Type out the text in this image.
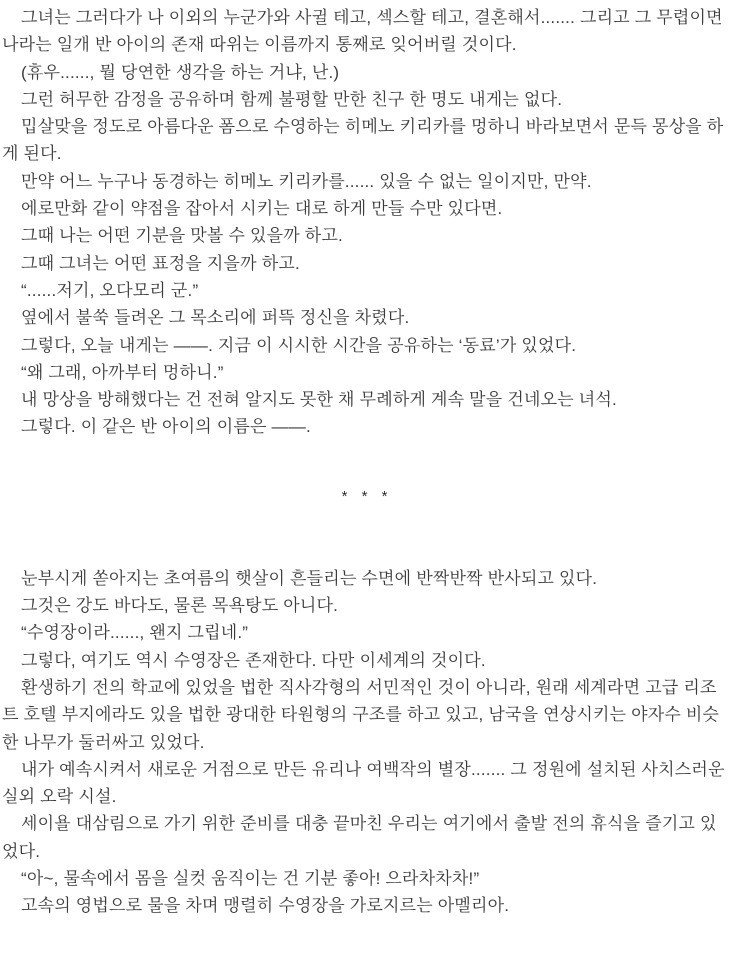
그녀는 그러다가 나 이외의 누군가와 사귈 테고, 섹스할 테고, 결혼해서....... 그리고 그 무렵이면 나라는 일개 반 아이의 존재 따위는 이름까지 통째로 잊어버릴 것이다.

(휴우......, 뭘 당연한 생각을 하는 거냐, 난.)

그런 허무한 감정을 공유하며 함께 불평할 만한 친구 한 명도 내게는 없다.

밉살맞을 정도로 아름다운 폼으로 수영하는 히메노 키리카를 멍하니 바라보면서 문득 몽상을 하게 된다.

만약 어느 누구나 동경하는 히메노 키리카를...... 있을 수 없는 일이지만, 만약.

에로만화 같이 약점을 잡아서 시키는 대로 하게 만들 수만 있다면.

그때 나는 어떤 기분을 맛볼 수 있을까 하고.

그때 그녀는 어떤 표정을 지을까 하고.

“......저기, 오다모리 군.”

옆에서 불쑥 들려온 그 목소리에 퍼뜩 정신을 차렸다.

그렇다, 오늘 내게는 ――. 지금 이 시시한 시간을 공유하는 ‘동료’가 있었다.

“왜 그래, 아까부터 멍하니.”

내 망상을 방해했다는 건 전혀 알지도 못한 채 무례하게 계속 말을 건네오는 녀석.

그렇다. 이 같은 반 아이의 이름은 ――.

* * *

눈부시게 쏟아지는 초여름의 햇살이 흔들리는 수면에 반짝반짝 반사되고 있다.

그것은 강도 바다도, 물론 목욕탕도 아니다.

“수영장이라......, 왠지 그립네.”

그렇다, 여기도 역시 수영장은 존재한다. 다만 이세계의 것이다.

환생하기 전의 학교에 있었을 법한 직사각형의 서민적인 것이 아니라, 원래 세계라면 고급 리조트 호텔 부지에라도 있을 법한 광대한 타원형의 구조를 하고 있고, 남국을 연상시키는 야자수 비슷한 나무가 둘러싸고 있었다.

내가 예속시켜서 새로운 거점으로 만든 유리나 여백작의 별장....... 그 정원에 설치된 사치스러운 실외 오락 시설.

세이욜 대삼림으로 가기 위한 준비를 대충 끝마친 우리는 여기에서 출발 전의 휴식을 즐기고 있었다.

“아~, 물속에서 몸을 실컷 움직이는 건 기분 좋아! 으라차차차!”

고속의 영법으로 물을 차며 맹렬히 수영장을 가로지르는 아멜리아.
